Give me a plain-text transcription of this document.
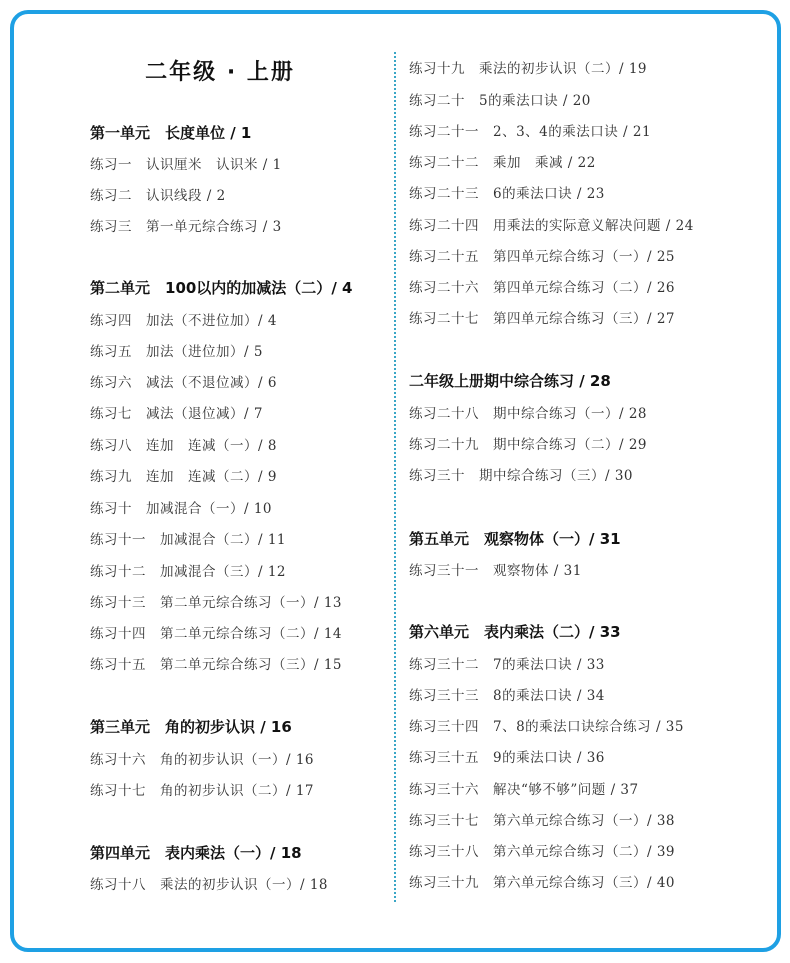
二年级 · 上册
第一单元　长度单位 / 1
练习一　认识厘米　认识米 / 1
练习二　认识线段 / 2
练习三　第一单元综合练习 / 3
第二单元　100以内的加减法（二）/ 4
练习四　加法（不进位加）/ 4
练习五　加法（进位加）/ 5
练习六　减法（不退位减）/ 6
练习七　减法（退位减）/ 7
练习八　连加　连减（一）/ 8
练习九　连加　连减（二）/ 9
练习十　加减混合（一）/ 10
练习十一　加减混合（二）/ 11
练习十二　加减混合（三）/ 12
练习十三　第二单元综合练习（一）/ 13
练习十四　第二单元综合练习（二）/ 14
练习十五　第二单元综合练习（三）/ 15
第三单元　角的初步认识 / 16
练习十六　角的初步认识（一）/ 16
练习十七　角的初步认识（二）/ 17
第四单元　表内乘法（一）/ 18
练习十八　乘法的初步认识（一）/ 18
练习十九　乘法的初步认识（二）/ 19
练习二十　5的乘法口诀 / 20
练习二十一　2、3、4的乘法口诀 / 21
练习二十二　乘加　乘减 / 22
练习二十三　6的乘法口诀 / 23
练习二十四　用乘法的实际意义解决问题 / 24
练习二十五　第四单元综合练习（一）/ 25
练习二十六　第四单元综合练习（二）/ 26
练习二十七　第四单元综合练习（三）/ 27
二年级上册期中综合练习 / 28
练习二十八　期中综合练习（一）/ 28
练习二十九　期中综合练习（二）/ 29
练习三十　期中综合练习（三）/ 30
第五单元　观察物体（一）/ 31
练习三十一　观察物体 / 31
第六单元　表内乘法（二）/ 33
练习三十二　7的乘法口诀 / 33
练习三十三　8的乘法口诀 / 34
练习三十四　7、8的乘法口诀综合练习 / 35
练习三十五　9的乘法口诀 / 36
练习三十六　解决“够不够”问题 / 37
练习三十七　第六单元综合练习（一）/ 38
练习三十八　第六单元综合练习（二）/ 39
练习三十九　第六单元综合练习（三）/ 40
